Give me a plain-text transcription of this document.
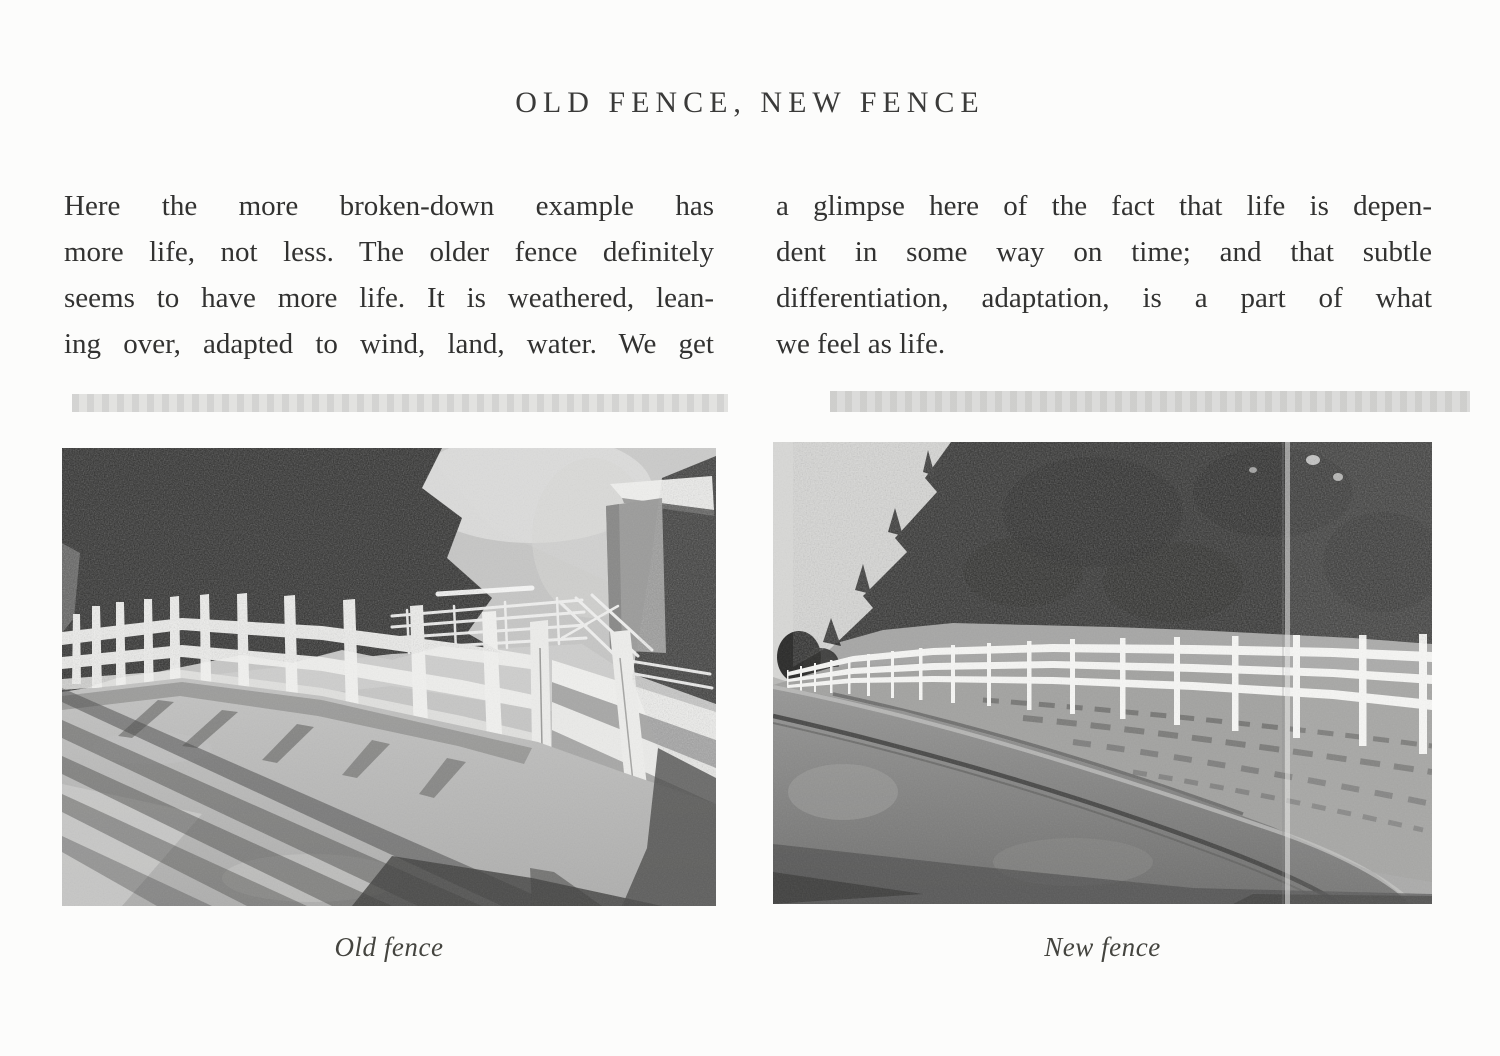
OLD FENCE, NEW FENCE
Here the more broken-down example has
more life, not less. The older fence definitely
seems to have more life. It is weathered, lean-
ing over, adapted to wind, land, water. We get
a glimpse here of the fact that life is depen-
dent in some way on time; and that subtle
differentiation, adaptation, is a part of what
we feel as life.
Old fence	New fence
